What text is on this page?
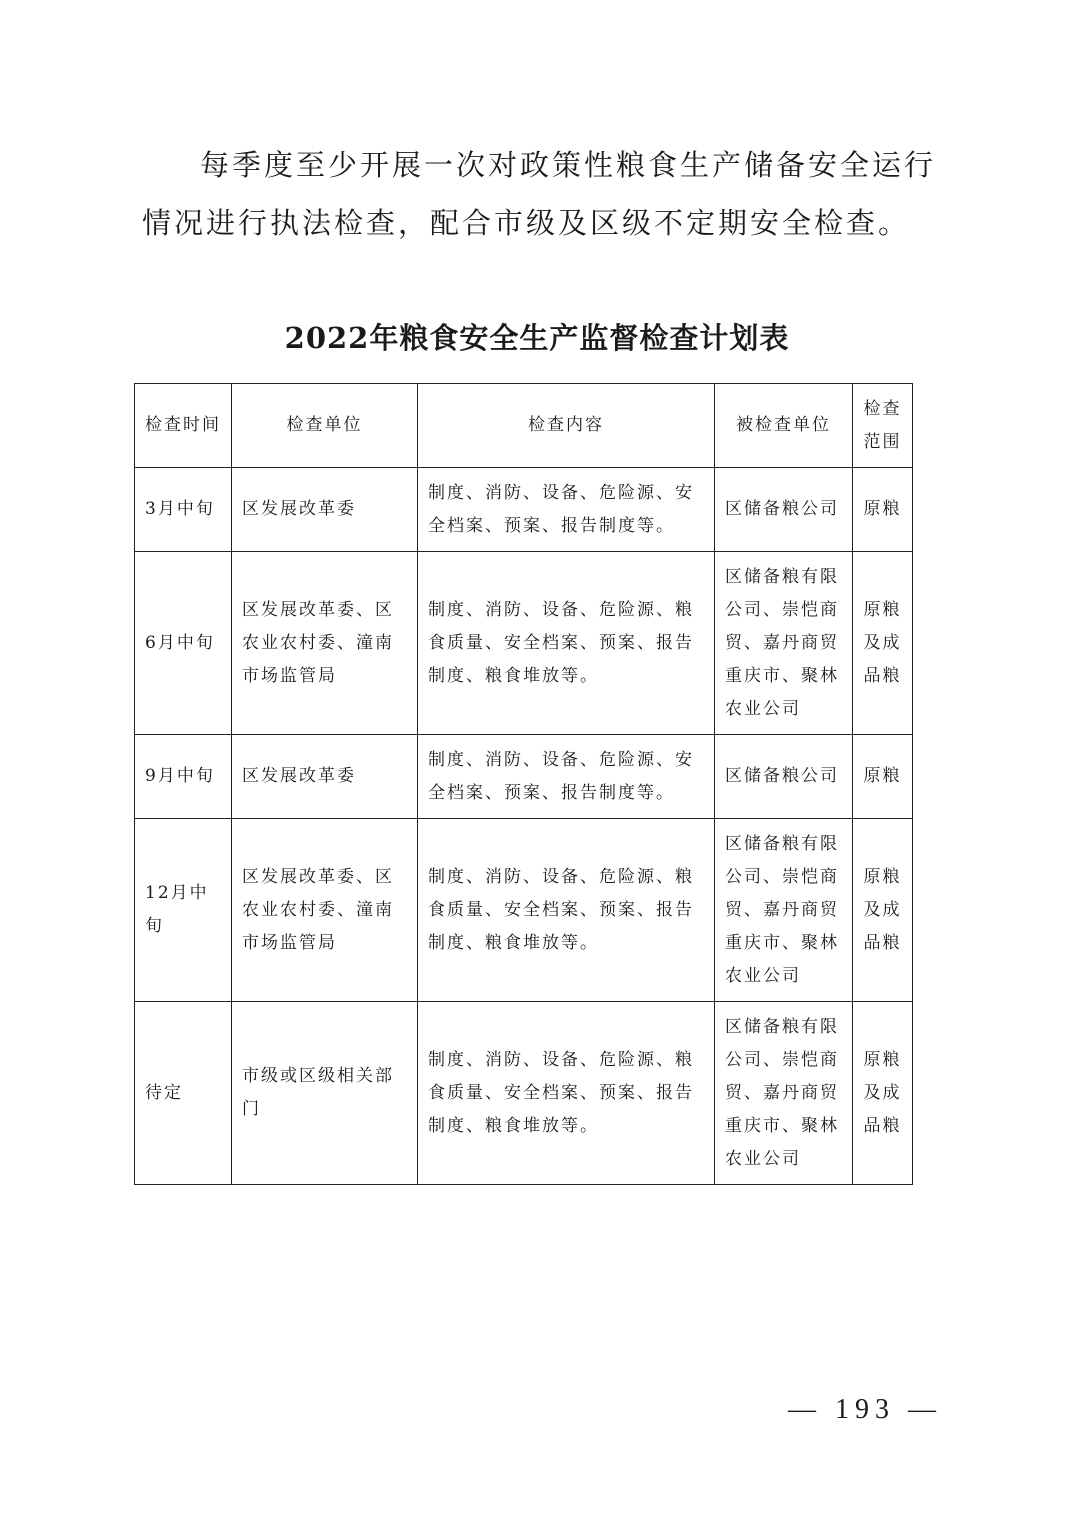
每季度至少开展一次对政策性粮食生产储备安全运行情况进行执法检查，配合市级及区级不定期安全检查。

2022年粮食安全生产监督检查计划表
检查时间	检查单位	检查内容	被检查单位	检查
范围
3月中旬	区发展改革委	制度、消防、设备、危险源、安全档案、预案、报告制度等。	区储备粮公司	原粮
6月中旬	区发展改革委、区农业农村委、潼南市场监管局	制度、消防、设备、危险源、粮食质量、安全档案、预案、报告制度、粮食堆放等。	区储备粮有限公司、崇恺商贸、嘉丹商贸重庆市、聚林农业公司	原粮
及成
品粮
9月中旬	区发展改革委	制度、消防、设备、危险源、安全档案、预案、报告制度等。	区储备粮公司	原粮
12月中旬	区发展改革委、区农业农村委、潼南市场监管局	制度、消防、设备、危险源、粮食质量、安全档案、预案、报告制度、粮食堆放等。	区储备粮有限公司、崇恺商贸、嘉丹商贸重庆市、聚林农业公司	原粮
及成
品粮
待定	市级或区级相关部门	制度、消防、设备、危险源、粮食质量、安全档案、预案、报告制度、粮食堆放等。	区储备粮有限公司、崇恺商贸、嘉丹商贸重庆市、聚林农业公司	原粮
及成
品粮
— 193 —
